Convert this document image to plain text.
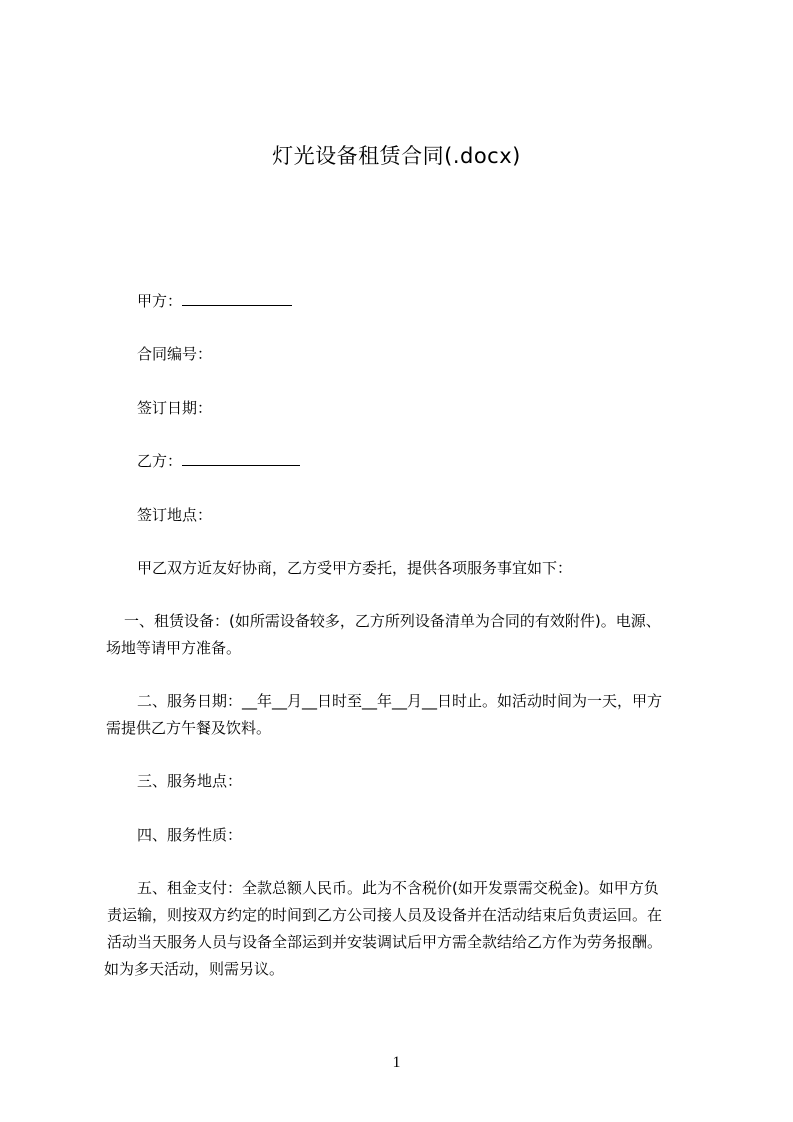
灯光设备租赁合同(.docx)
甲方：
合同编号：
签订日期：
乙方：
签订地点：
甲乙双方近友好协商，乙方受甲方委托，提供各项服务事宜如下：
一、租赁设备：(如所需设备较多，乙方所列设备清单为合同的有效附件)。电源、
场地等请甲方准备。
二、服务日期：__年__月__日时至__年__月__日时止。如活动时间为一天，甲方
需提供乙方午餐及饮料。
三、服务地点：
四、服务性质：
五、租金支付：全款总额人民币。此为不含税价(如开发票需交税金)。如甲方负
责运输，则按双方约定的时间到乙方公司接人员及设备并在活动结束后负责运回。在
活动当天服务人员与设备全部运到并安装调试后甲方需全款结给乙方作为劳务报酬。
如为多天活动，则需另议。
1
